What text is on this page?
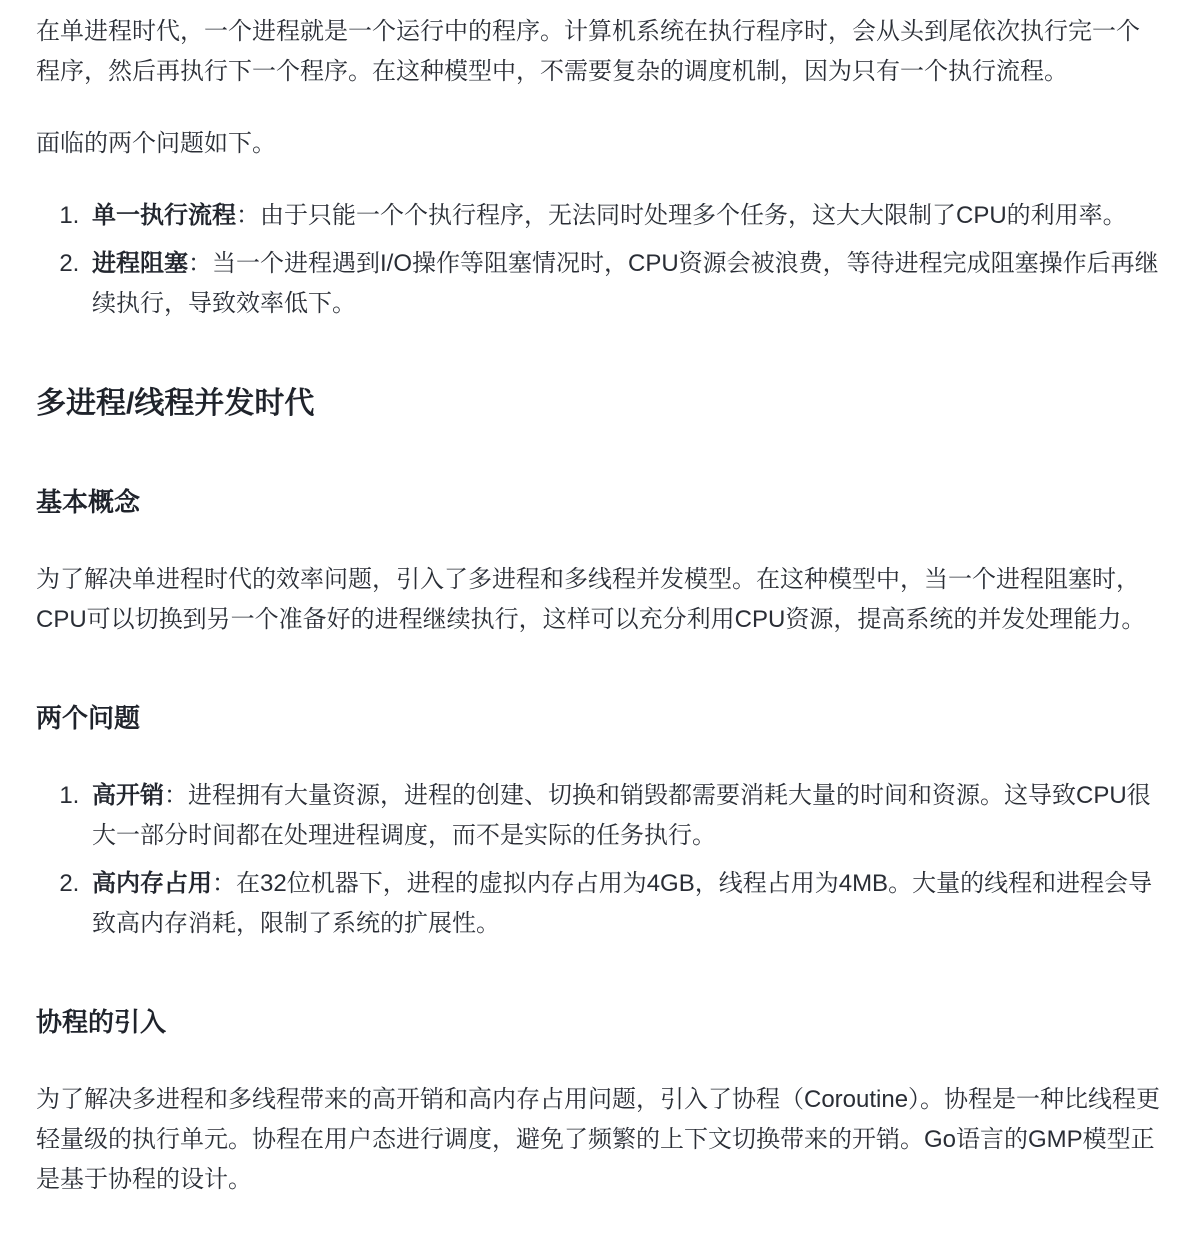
在单进程时代，一个进程就是一个运行中的程序。计算机系统在执行程序时，会从头到尾依次执行完一个程序，然后再执行下一个程序。在这种模型中，不需要复杂的调度机制，因为只有一个执行流程。

面临的两个问题如下。

1. 单一执行流程：由于只能一个个执行程序，无法同时处理多个任务，这大大限制了CPU的利用率。
2. 进程阻塞：当一个进程遇到I/O操作等阻塞情况时，CPU资源会被浪费，等待进程完成阻塞操作后再继续执行，导致效率低下。
多进程/线程并发时代
基本概念

为了解决单进程时代的效率问题，引入了多进程和多线程并发模型。在这种模型中，当一个进程阻塞时，CPU可以切换到另一个准备好的进程继续执行，这样可以充分利用CPU资源，提高系统的并发处理能力。

两个问题
1. 高开销：进程拥有大量资源，进程的创建、切换和销毁都需要消耗大量的时间和资源。这导致CPU很大一部分时间都在处理进程调度，而不是实际的任务执行。
2. 高内存占用：在32位机器下，进程的虚拟内存占用为4GB，线程占用为4MB。大量的线程和进程会导致高内存消耗，限制了系统的扩展性。
协程的引入

为了解决多进程和多线程带来的高开销和高内存占用问题，引入了协程（Coroutine）。协程是一种比线程更轻量级的执行单元。协程在用户态进行调度，避免了频繁的上下文切换带来的开销。Go语言的GMP模型正是基于协程的设计。
